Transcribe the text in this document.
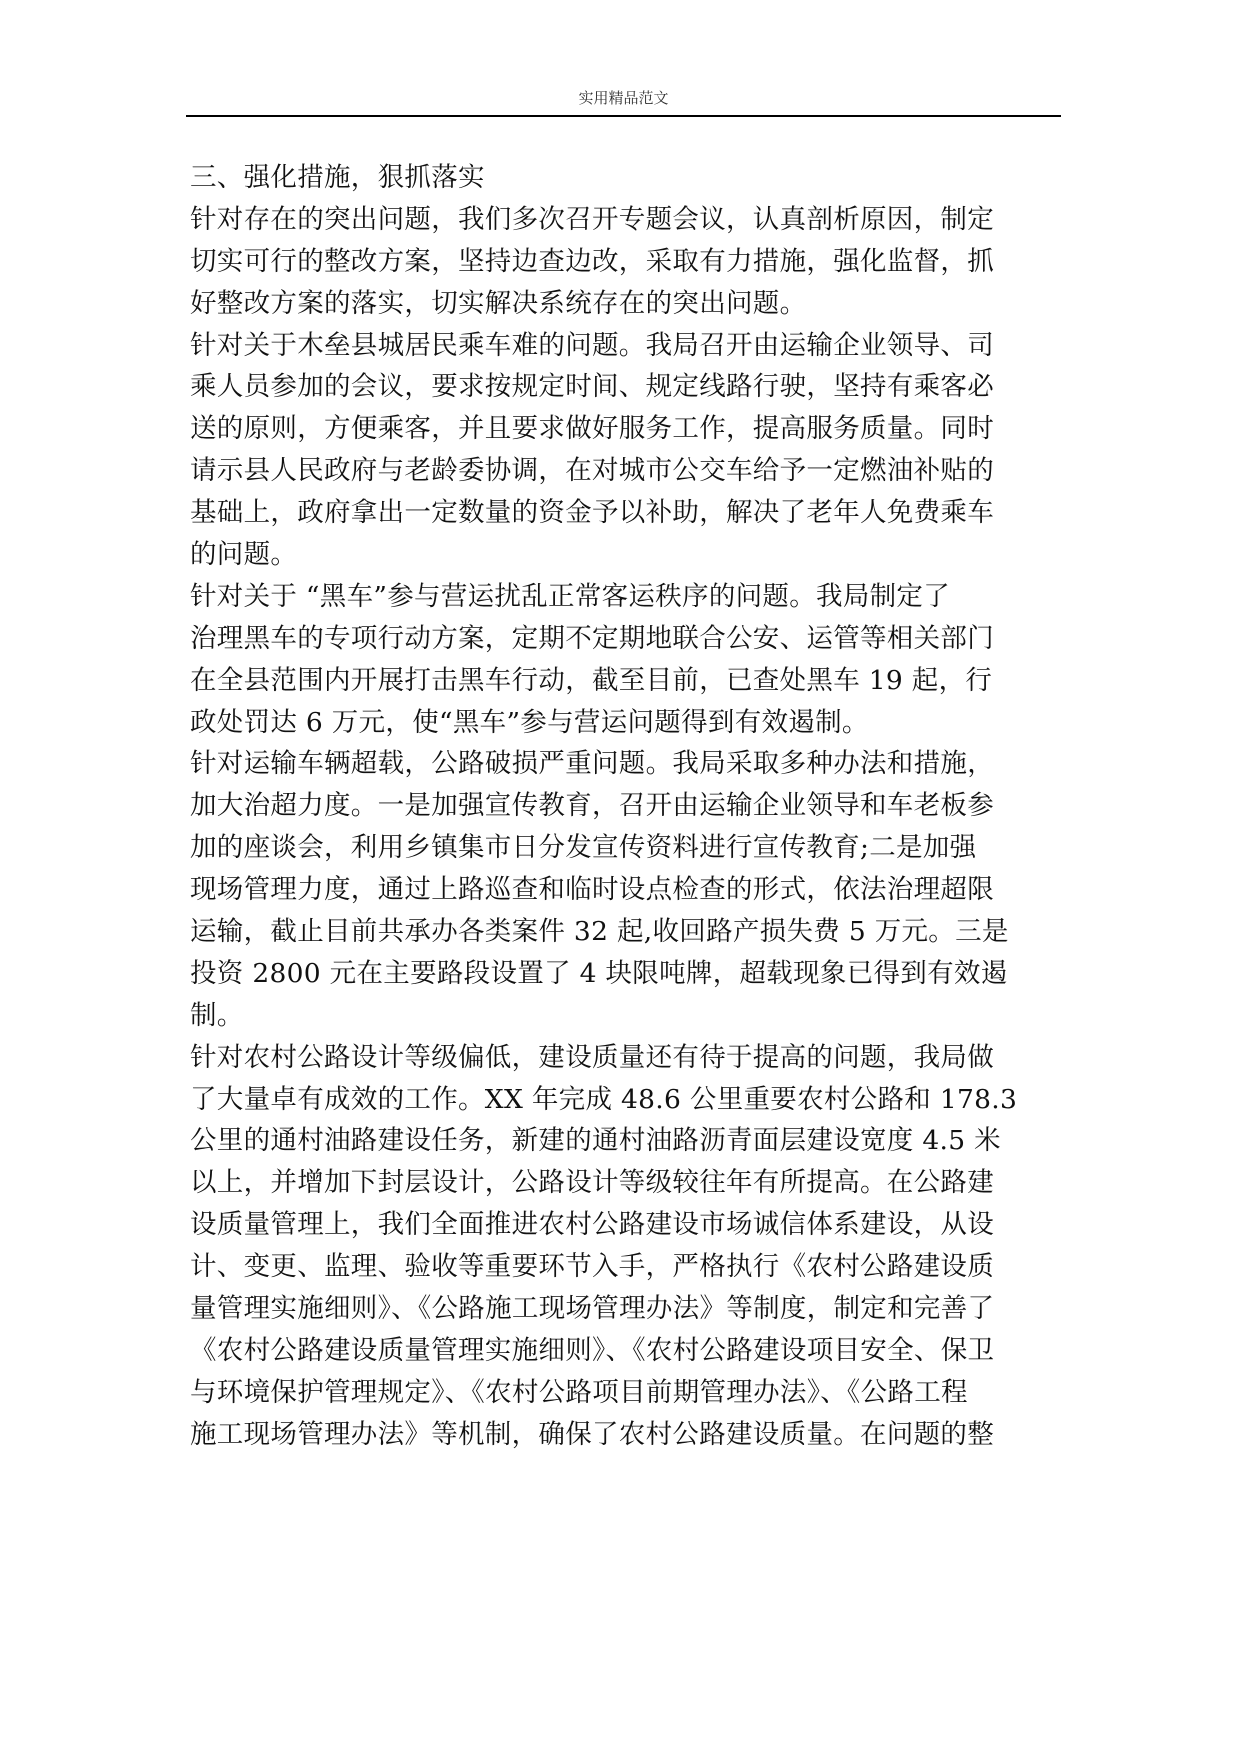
实用精品范文
三、强化措施，狠抓落实
针对存在的突出问题，我们多次召开专题会议，认真剖析原因，制定
切实可行的整改方案，坚持边查边改，采取有力措施，强化监督，抓
好整改方案的落实，切实解决系统存在的突出问题。
针对关于木垒县城居民乘车难的问题。我局召开由运输企业领导、司
乘人员参加的会议，要求按规定时间、规定线路行驶，坚持有乘客必
送的原则，方便乘客，并且要求做好服务工作，提高服务质量。同时
请示县人民政府与老龄委协调，在对城市公交车给予一定燃油补贴的
基础上，政府拿出一定数量的资金予以补助，解决了老年人免费乘车
的问题。
针对关于 “黑车”参与营运扰乱正常客运秩序的问题。我局制定了
治理黑车的专项行动方案，定期不定期地联合公安、运管等相关部门
在全县范围内开展打击黑车行动，截至目前，已查处黑车 19 起，行
政处罚达 6 万元，使“黑车”参与营运问题得到有效遏制。
针对运输车辆超载，公路破损严重问题。我局采取多种办法和措施，
加大治超力度。一是加强宣传教育，召开由运输企业领导和车老板参
加的座谈会，利用乡镇集市日分发宣传资料进行宣传教育;二是加强
现场管理力度，通过上路巡查和临时设点检查的形式，依法治理超限
运输，截止目前共承办各类案件 32 起,收回路产损失费 5 万元。三是
投资 2800 元在主要路段设置了 4 块限吨牌，超载现象已得到有效遏
制。
针对农村公路设计等级偏低，建设质量还有待于提高的问题，我局做
了大量卓有成效的工作。XX 年完成 48.6 公里重要农村公路和 178.3
公里的通村油路建设任务，新建的通村油路沥青面层建设宽度 4.5 米
以上，并增加下封层设计，公路设计等级较往年有所提高。在公路建
设质量管理上，我们全面推进农村公路建设市场诚信体系建设，从设
计、变更、监理、验收等重要环节入手，严格执行《农村公路建设质
量管理实施细则》、《公路施工现场管理办法》等制度，制定和完善了
《农村公路建设质量管理实施细则》、《农村公路建设项目安全、保卫
与环境保护管理规定》、《农村公路项目前期管理办法》、《公路工程
施工现场管理办法》等机制，确保了农村公路建设质量。在问题的整
